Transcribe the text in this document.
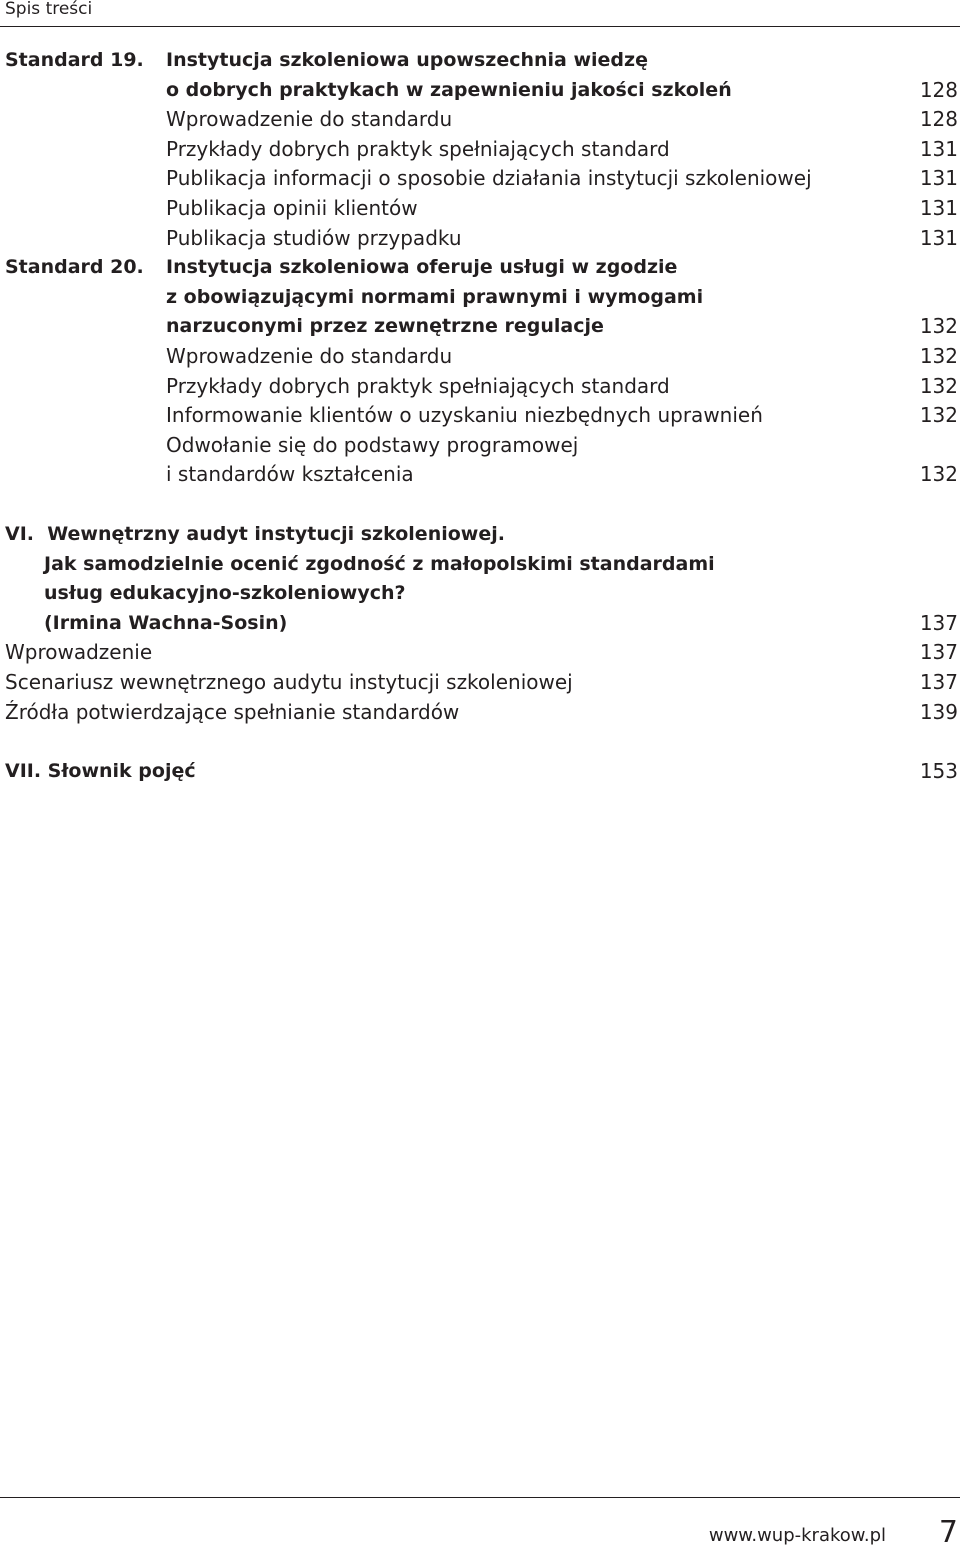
Spis treści
Standard 19. Instytucja szkoleniowa upowszechnia wiedzę
o dobrych praktykach w zapewnieniu jakości szkoleń	128
Wprowadzenie do standardu	128
Przykłady dobrych praktyk spełniających standard	131
Publikacja informacji o sposobie działania instytucji szkoleniowej	131
Publikacja opinii klientów	131
Publikacja studiów przypadku	131
Standard 20. Instytucja szkoleniowa oferuje usługi w zgodzie
z obowiązującymi normami prawnymi i wymogami
narzuconymi przez zewnętrzne regulacje	132
Wprowadzenie do standardu	132
Przykłady dobrych praktyk spełniających standard	132
Informowanie klientów o uzyskaniu niezbędnych uprawnień	132
Odwołanie się do podstawy programowej
i standardów kształcenia	132
VI.  Wewnętrzny audyt instytucji szkoleniowej.
Jak samodzielnie ocenić zgodność z małopolskimi standardami
usług edukacyjno-szkoleniowych?
(Irmina Wachna-Sosin)	137
Wprowadzenie	137
Scenariusz wewnętrznego audytu instytucji szkoleniowej	137
Źródła potwierdzające spełnianie standardów	139
VII. Słownik pojęć	153
www.wup-krakow.pl 7
